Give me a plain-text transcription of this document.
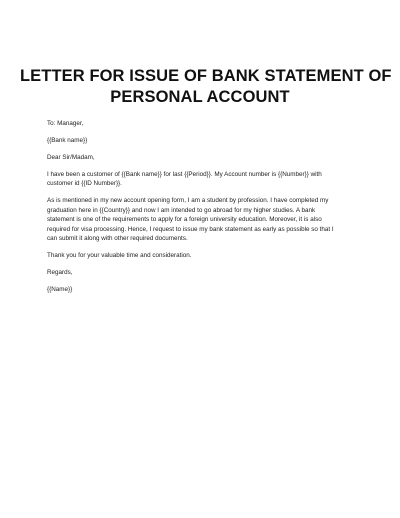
LETTER FOR ISSUE OF BANK STATEMENT OF
PERSONAL ACCOUNT

To: Manager,

{{Bank name}}

Dear Sir/Madam,

I have been a customer of {{Bank name}} for last {{Period}}. My Account number is {{Number}} with
customer id {{ID Number}}.

As is mentioned in my new account opening form, I am a student by profession. I have completed my
graduation here in {{Country}} and now I am intended to go abroad for my higher studies. A bank
statement is one of the requirements to apply for a foreign university education. Moreover, it is also
required for visa processing. Hence, I request to issue my bank statement as early as possible so that I
can submit it along with other required documents.

Thank you for your valuable time and consideration.

Regards,

{{Name}}
